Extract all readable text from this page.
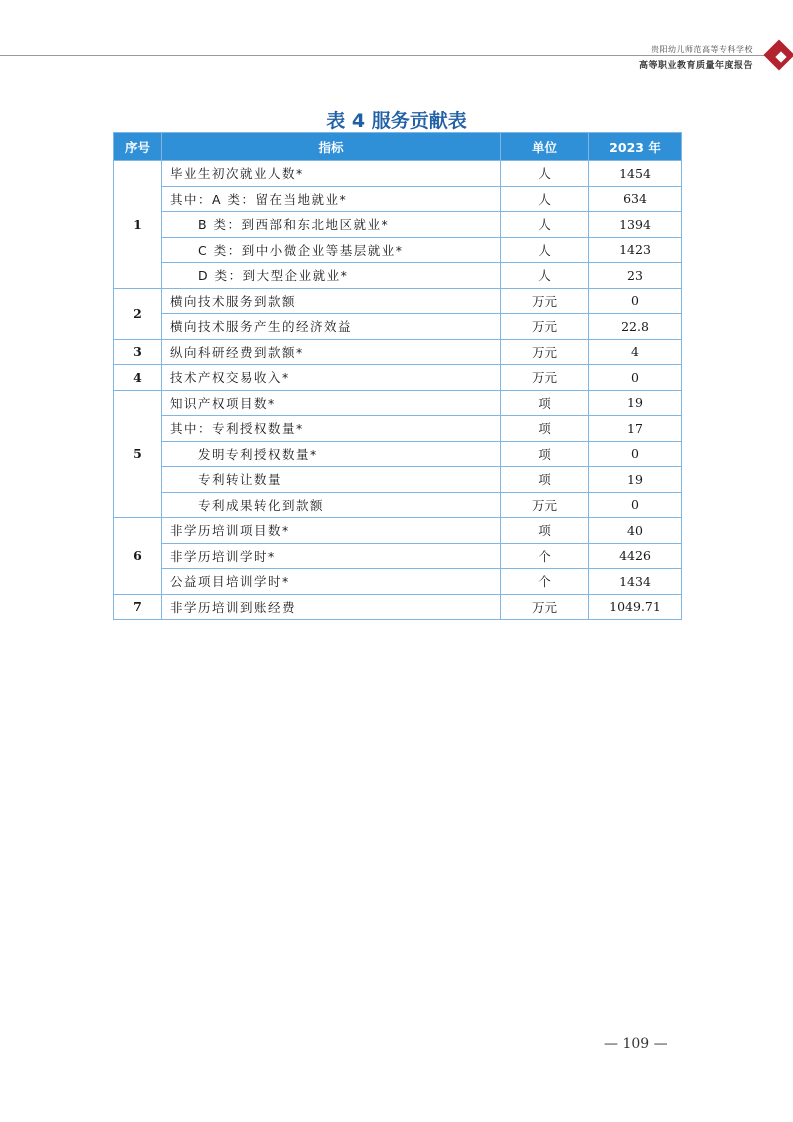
贵阳幼儿师范高等专科学校
高等职业教育质量年度报告
表 4 服务贡献表
序号	指标	单位	2023 年
1	毕业生初次就业人数*	人	1454
	其中：A 类：留在当地就业*	人	634
	B 类：到西部和东北地区就业*	人	1394
	C 类：到中小微企业等基层就业*	人	1423
	D 类：到大型企业就业*	人	23
2	横向技术服务到款额	万元	0
	横向技术服务产生的经济效益	万元	22.8
3	纵向科研经费到款额*	万元	4
4	技术产权交易收入*	万元	0
5	知识产权项目数*	项	19
	其中：专利授权数量*	项	17
	发明专利授权数量*	项	0
	专利转让数量	项	19
	专利成果转化到款额	万元	0
6	非学历培训项目数*	项	40
	非学历培训学时*	个	4426
	公益项目培训学时*	个	1434
7	非学历培训到账经费	万元	1049.71
— 109 —
